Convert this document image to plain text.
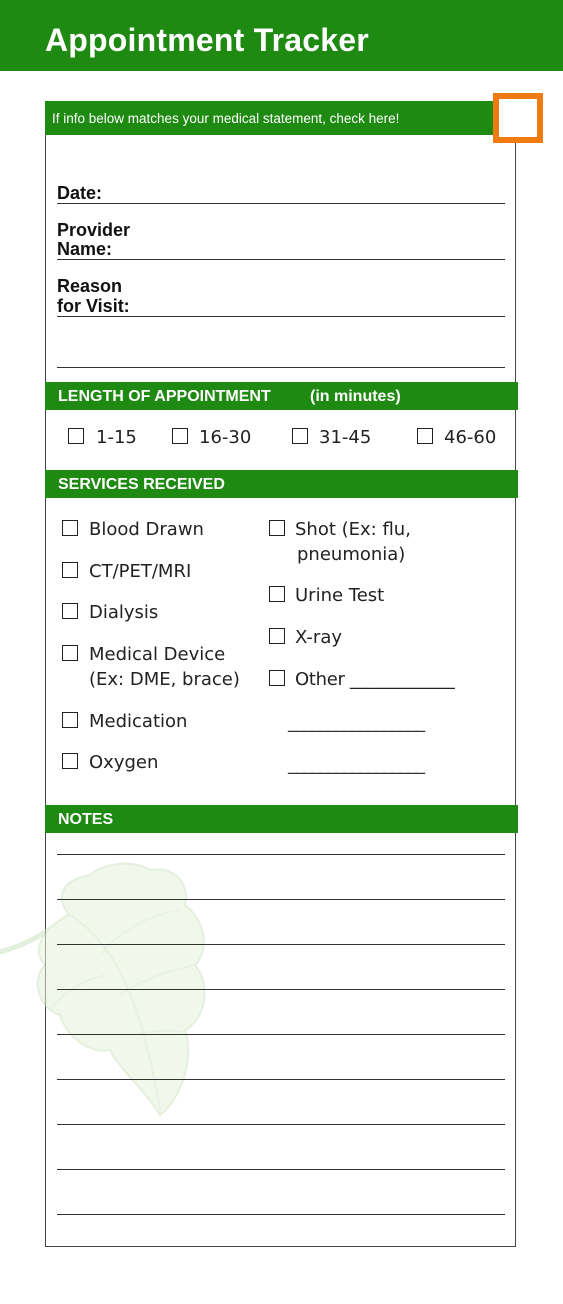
Appointment Tracker
If info below matches your medical statement, check here!
Date:
Provider
Name:
Reason
for Visit:
LENGTH OF APPOINTMENT (in minutes)
1-15	16-30	31-45	46-60
SERVICES RECEIVED
Blood Drawn
CT/PET/MRI
Dialysis
Medical Device
(Ex: DME, brace)
Medication
Oxygen
Shot (Ex: flu,
pneumonia)
Urine Test
X-ray
Other ____________
_________________
_________________
NOTES
